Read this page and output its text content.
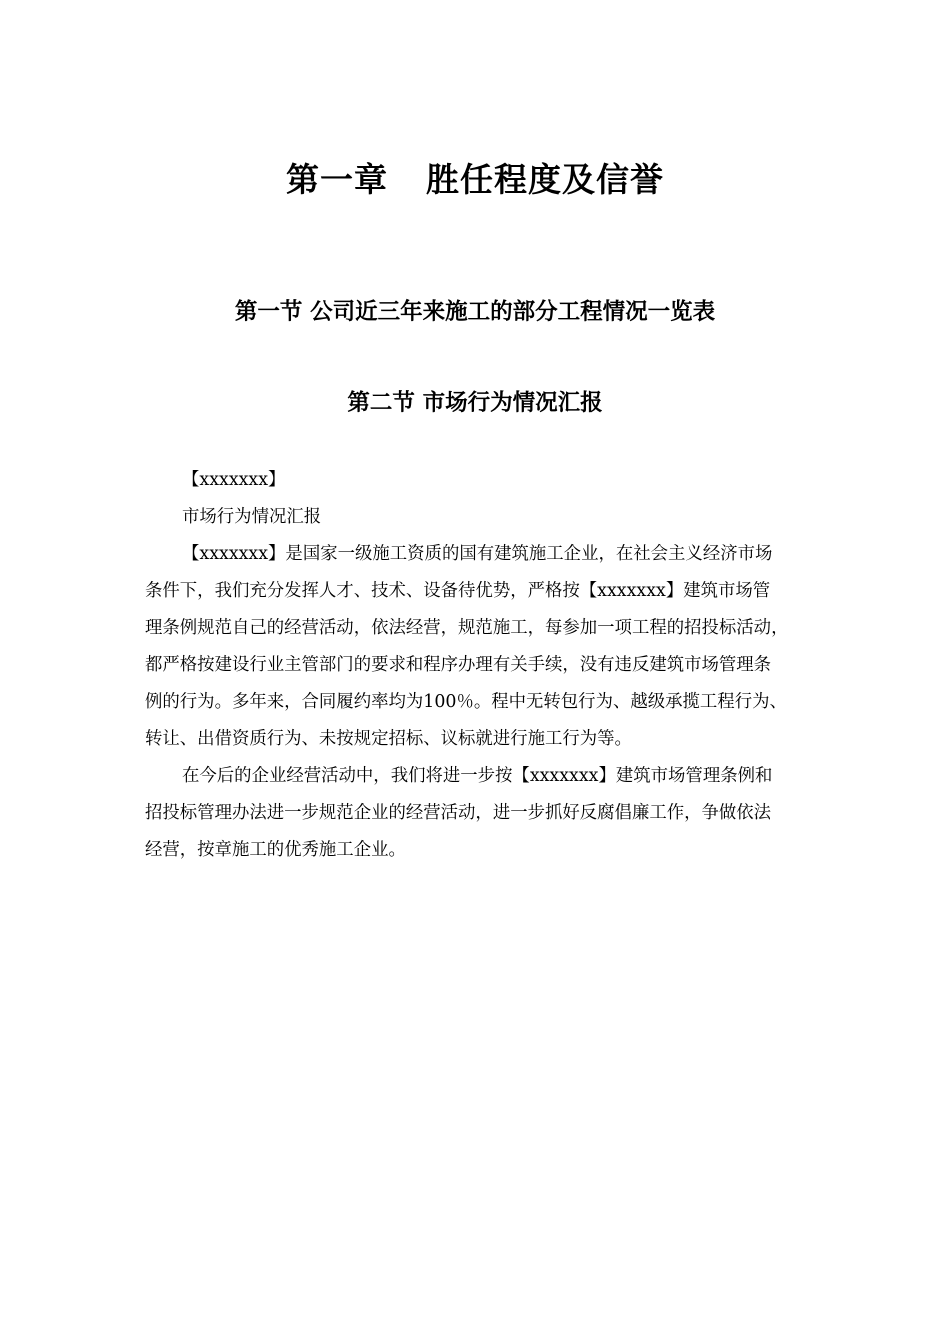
第一章 胜任程度及信誉
第一节 公司近三年来施工的部分工程情况一览表
第二节 市场行为情况汇报

【xxxxxxx】

市场行为情况汇报

【xxxxxxx】是国家一级施工资质的国有建筑施工企业，在社会主义经济市场
条件下，我们充分发挥人才、技术、设备待优势，严格按【xxxxxxx】建筑市场管
理条例规范自己的经营活动，依法经营，规范施工，每参加一项工程的招投标活动，
都严格按建设行业主管部门的要求和程序办理有关手续，没有违反建筑市场管理条
例的行为。多年来，合同履约率均为100％。程中无转包行为、越级承揽工程行为、
转让、出借资质行为、未按规定招标、议标就进行施工行为等。
在今后的企业经营活动中，我们将进一步按【xxxxxxx】建筑市场管理条例和
招投标管理办法进一步规范企业的经营活动，进一步抓好反腐倡廉工作，争做依法
经营，按章施工的优秀施工企业。
